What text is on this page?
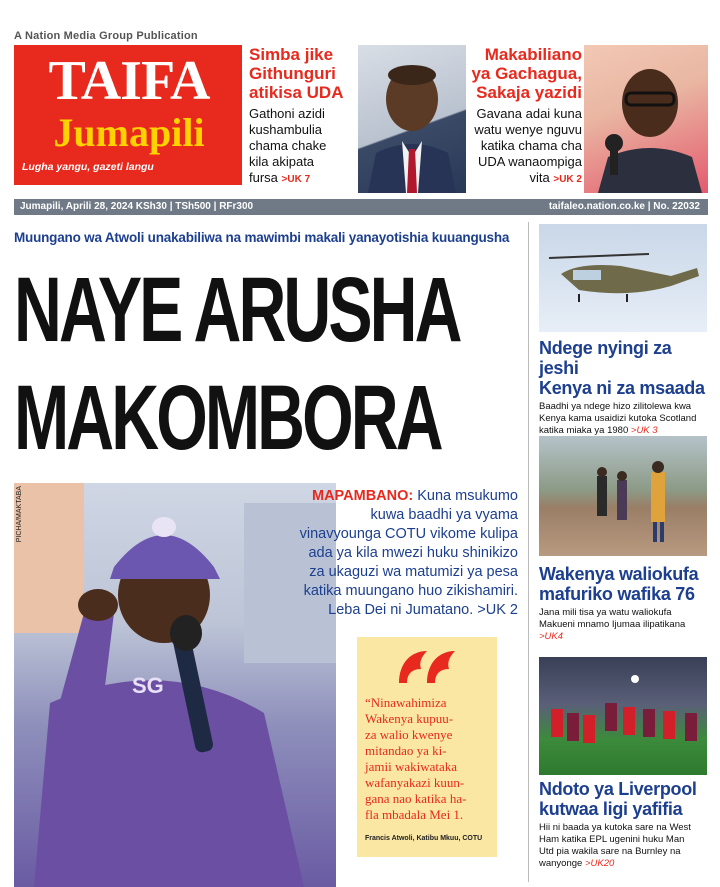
A Nation Media Group Publication
TAIFA
Jumapili
Lugha yangu, gazeti langu
Simba jike
Githunguri
atikisa UDA
Gathoni azidi
kushambulia
chama chake
kila akipata
fursa >UK 7
Makabiliano
ya Gachagua,
Sakaja yazidi
Gavana adai kuna
watu wenye nguvu
katika chama cha
UDA wanaompiga
vita >UK 2
Jumapili, Aprili 28, 2024 KSh30 | TSh500 | RFr300	taifaleo.nation.co.ke | No. 22032
Muungano wa Atwoli unakabiliwa na mawimbi makali yanayotishia kuuangusha
NAYE ARUSHA
MAKOMBORA
SG
PICHA/MAKTABA	MAPAMBANO: Kuna msukumo
kuwa baadhi ya vyama
vinavyounga COTU vikome kulipa
ada ya kila mwezi huku shinikizo
za ukaguzi wa matumizi ya pesa
katika muungano huo zikishamiri.
Leba Dei ni Jumatano. >UK 2
“Ninawahimiza
Wakenya kupuu-
za walio kwenye
mitandao ya ki-
jamii wakiwataka
wafanyakazi kuun-
gana nao katika ha-
fla mbadala Mei 1.
Francis Atwoli, Katibu Mkuu, COTU
Ndege nyingi za jeshi
Kenya ni za msaada
Baadhi ya ndege hizo zilitolewa kwa
Kenya kama usaidizi kutoka Scotland
katika miaka ya 1980 >UK 3
Wakenya waliokufa
mafuriko wafika 76
Jana mili tisa ya watu waliokufa
Makueni mnamo Ijumaa ilipatikana
>UK4
Ndoto ya Liverpool
kutwaa ligi yafifia
Hii ni baada ya kutoka sare na West
Ham katika EPL ugenini huku Man
Utd pia wakila sare na Burnley na
wanyonge >UK20
